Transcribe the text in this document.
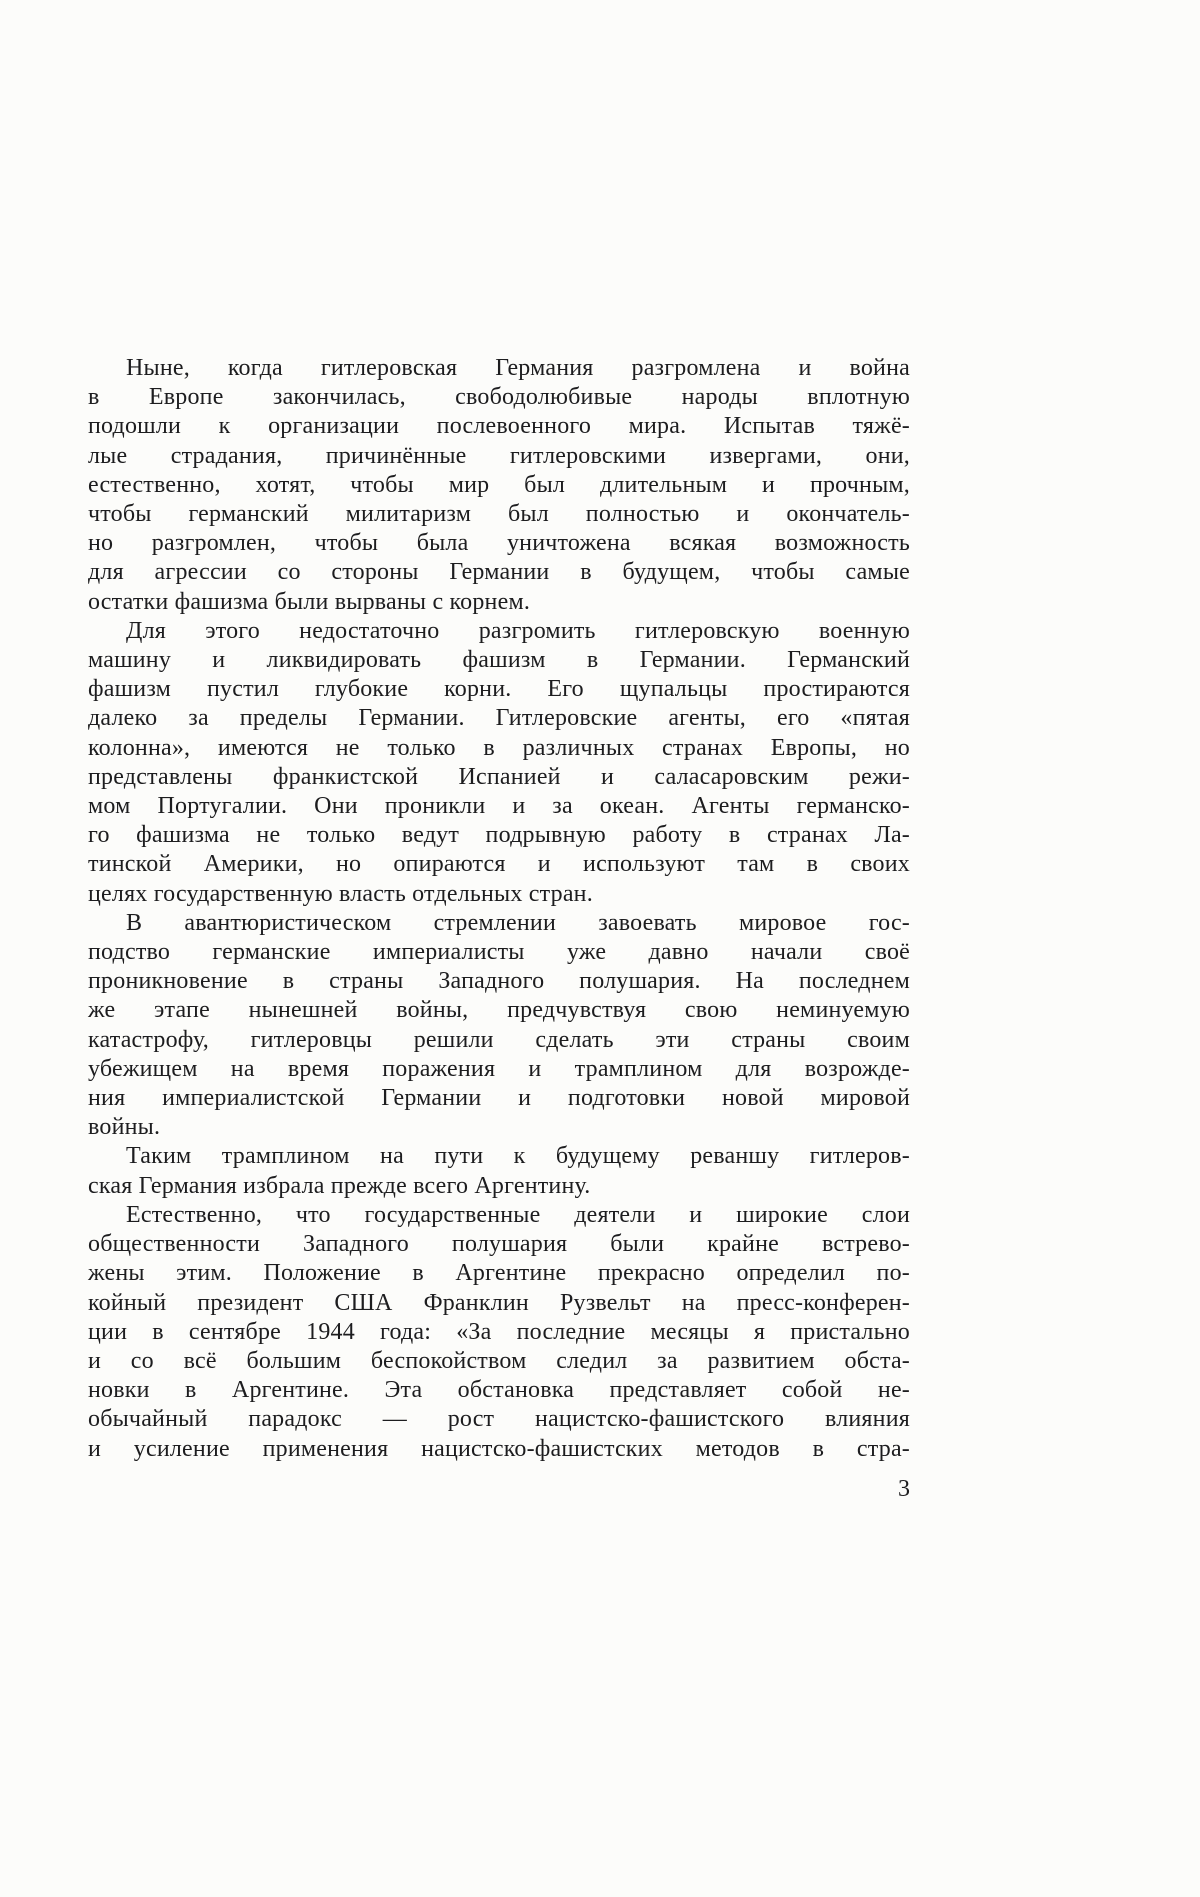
Ныне, когда гитлеровская Германия разгромлена и война
в Европе закончилась, свободолюбивые народы вплотную
подошли к организации послевоенного мира. Испытав тяжё-
лые страдания, причинённые гитлеровскими извергами, они,
естественно, хотят, чтобы мир был длительным и прочным,
чтобы германский милитаризм был полностью и окончатель-
но разгромлен, чтобы была уничтожена всякая возможность
для агрессии со стороны Германии в будущем, чтобы самые
остатки фашизма были вырваны с корнем.
Для этого недостаточно разгромить гитлеровскую военную
машину и ликвидировать фашизм в Германии. Германский
фашизм пустил глубокие корни. Его щупальцы простираются
далеко за пределы Германии. Гитлеровские агенты, его «пятая
колонна», имеются не только в различных странах Европы, но
представлены франкистской Испанией и саласаровским режи-
мом Португалии. Они проникли и за океан. Агенты германско-
го фашизма не только ведут подрывную работу в странах Ла-
тинской Америки, но опираются и используют там в своих
целях государственную власть отдельных стран.
В авантюристическом стремлении завоевать мировое гос-
подство германские империалисты уже давно начали своё
проникновение в страны Западного полушария. На последнем
же этапе нынешней войны, предчувствуя свою неминуемую
катастрофу, гитлеровцы решили сделать эти страны своим
убежищем на время поражения и трамплином для возрожде-
ния империалистской Германии и подготовки новой мировой
войны.
Таким трамплином на пути к будущему реваншу гитлеров-
ская Германия избрала прежде всего Аргентину.
Естественно, что государственные деятели и широкие слои
общественности Западного полушария были крайне встрево-
жены этим. Положение в Аргентине прекрасно определил по-
койный президент США Франклин Рузвельт на пресс-конферен-
ции в сентябре 1944 года: «За последние месяцы я пристально
и со всё большим беспокойством следил за развитием обста-
новки в Аргентине. Эта обстановка представляет собой не-
обычайный парадокс — рост нацистско-фашистского влияния
и усиление применения нацистско-фашистских методов в стра-
3
